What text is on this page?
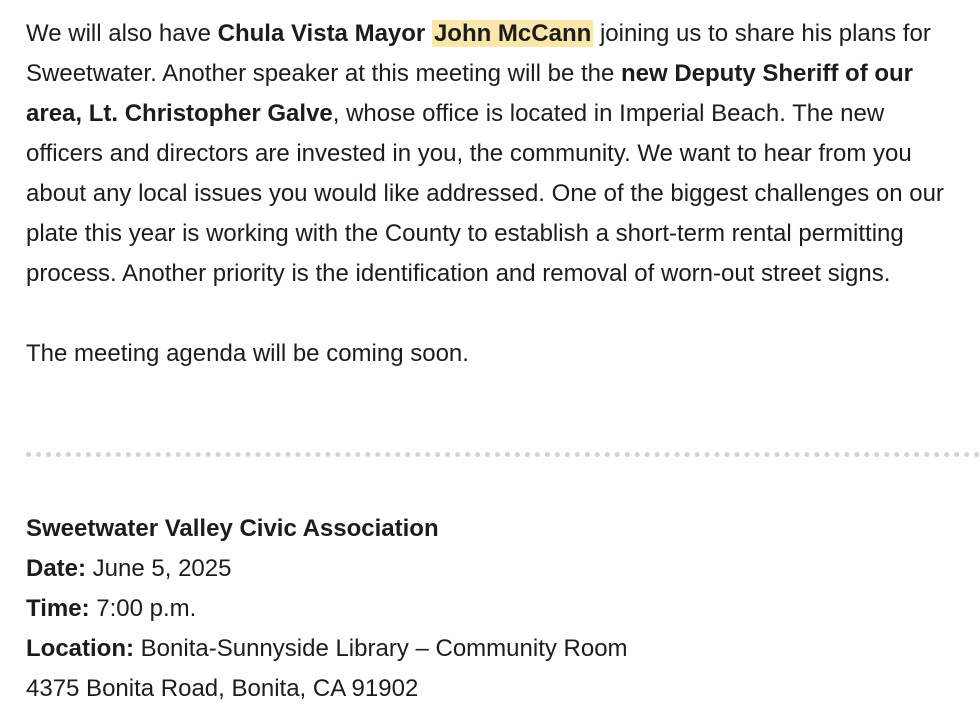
We will also have Chula Vista Mayor John McCann joining us to share his plans for Sweetwater. Another speaker at this meeting will be the new Deputy Sheriff of our area, Lt. Christopher Galve, whose office is located in Imperial Beach. The new officers and directors are invested in you, the community. We want to hear from you about any local issues you would like addressed. One of the biggest challenges on our plate this year is working with the County to establish a short-term rental permitting process. Another priority is the identification and removal of worn-out street signs.

The meeting agenda will be coming soon.

Sweetwater Valley Civic Association
Date: June 5, 2025
Time: 7:00 p.m.
Location: Bonita-Sunnyside Library – Community Room
4375 Bonita Road, Bonita, CA 91902
